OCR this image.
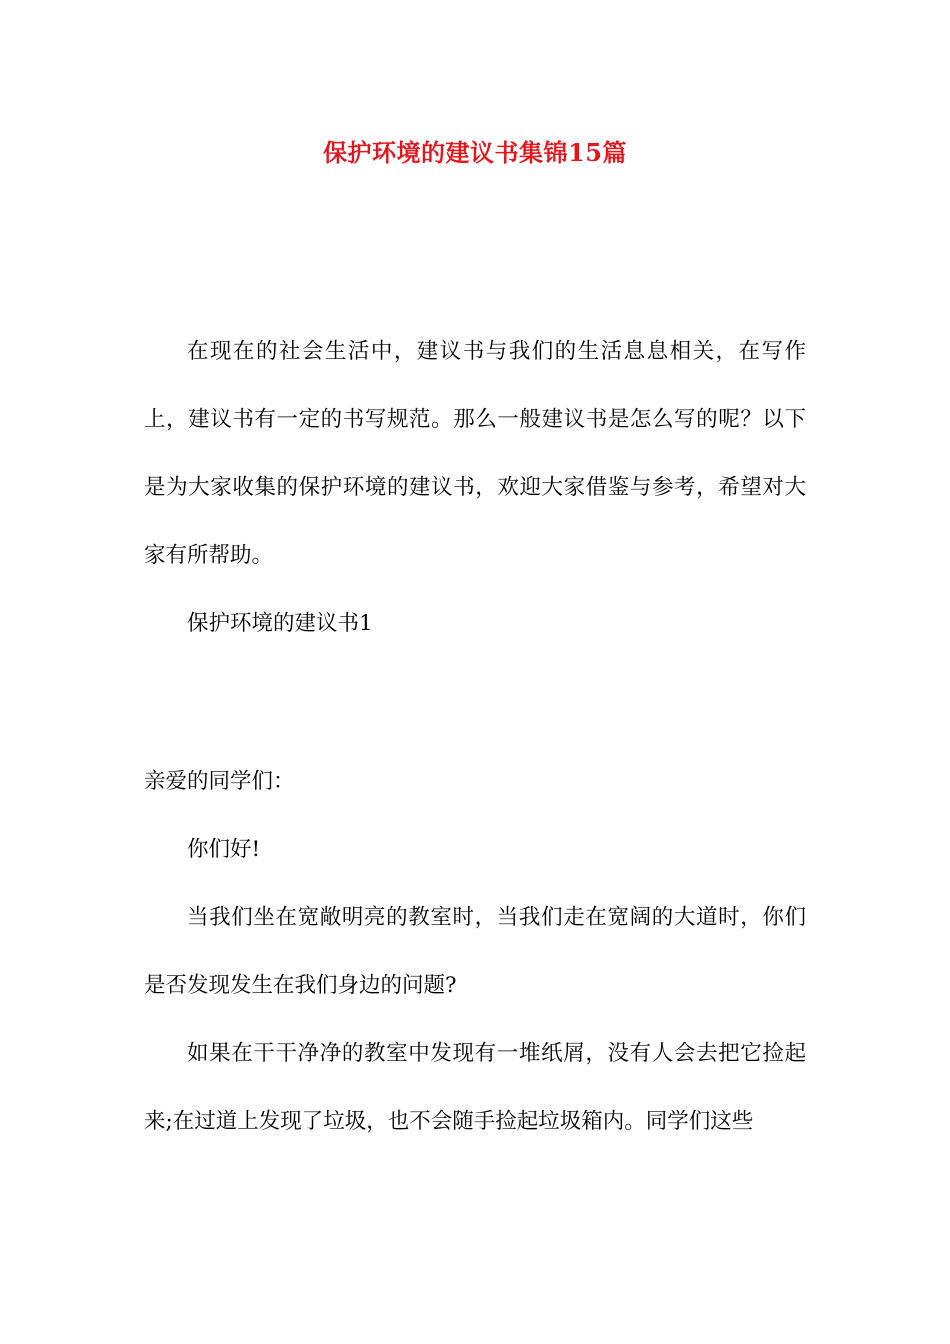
保护环境的建议书集锦15篇

在现在的社会生活中，建议书与我们的生活息息相关，在写作上，建议书有一定的书写规范。那么一般建议书是怎么写的呢？以下是为大家收集的保护环境的建议书，欢迎大家借鉴与参考，希望对大家有所帮助。

保护环境的建议书1

亲爱的同学们：

你们好!

当我们坐在宽敞明亮的教室时，当我们走在宽阔的大道时，你们是否发现发生在我们身边的问题?

如果在干干净净的教室中发现有一堆纸屑，没有人会去把它捡起来;在过道上发现了垃圾，也不会随手捡起垃圾箱内。同学们这些
